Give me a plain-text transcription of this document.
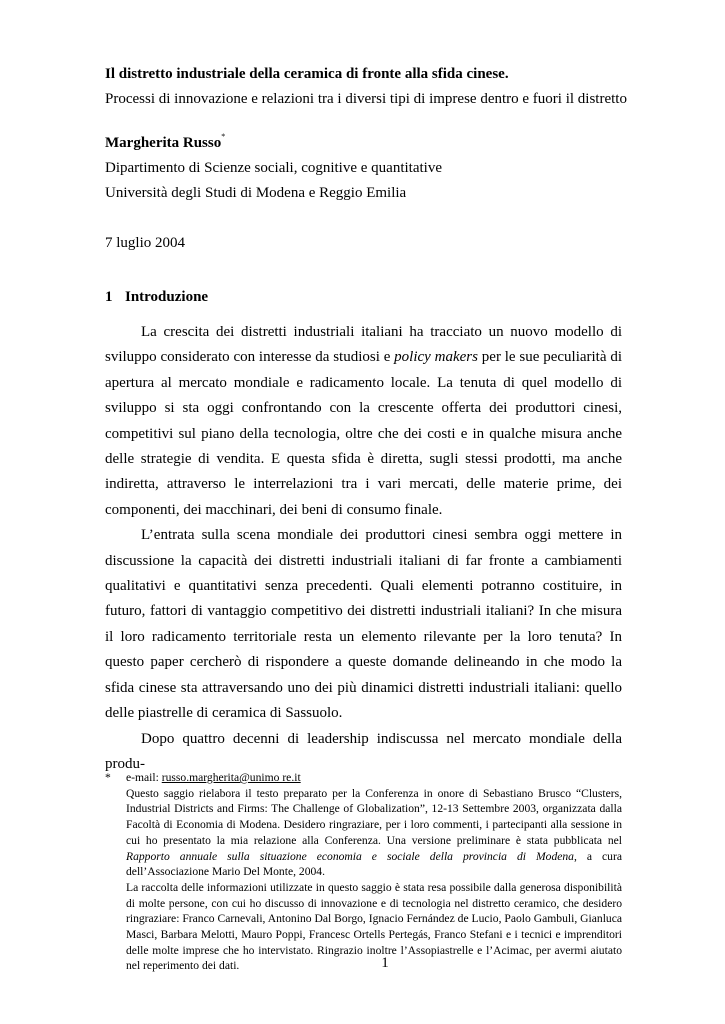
Il distretto industriale della ceramica di fronte alla sfida cinese.
Processi di innovazione e relazioni tra i diversi tipi di imprese dentro e fuori il distretto
Margherita Russo*
Dipartimento di Scienze sociali, cognitive e quantitative
Università degli Studi di Modena e Reggio Emilia
7 luglio 2004
1 Introduzione

La crescita dei distretti industriali italiani ha tracciato un nuovo modello di sviluppo considerato con interesse da studiosi e policy makers per le sue peculiarità di apertura al mercato mondiale e radicamento locale. La tenuta di quel modello di sviluppo si sta oggi confrontando con la crescente offerta dei produttori cinesi, competitivi sul piano della tecnologia, oltre che dei costi e in qualche misura anche delle strategie di vendita. E questa sfida è diretta, sugli stessi prodotti, ma anche indiretta, attraverso le interrelazioni tra i vari mercati, delle materie prime, dei componenti, dei macchinari, dei beni di consumo finale.

L’entrata sulla scena mondiale dei produttori cinesi sembra oggi mettere in discussione la capacità dei distretti industriali italiani di far fronte a cambiamenti qualitativi e quantitativi senza precedenti. Quali elementi potranno costituire, in futuro, fattori di vantaggio competitivo dei distretti industriali italiani? In che misura il loro radicamento territoriale resta un elemento rilevante per la loro tenuta? In questo paper cercherò di rispondere a queste domande delineando in che modo la sfida cinese sta attraversando uno dei più dinamici distretti industriali italiani: quello delle piastrelle di ceramica di Sassuolo.

Dopo quattro decenni di leadership indiscussa nel mercato mondiale della produ-

* e-mail: russo.margherita@unimo re.it

Questo saggio rielabora il testo preparato per la Conferenza in onore di Sebastiano Brusco “Clusters, Industrial Districts and Firms: The Challenge of Globalization”, 12-13 Settembre 2003, organizzata dalla Facoltà di Economia di Modena. Desidero ringraziare, per i loro commenti, i partecipanti alla sessione in cui ho presentato la mia relazione alla Conferenza. Una versione preliminare è stata pubblicata nel Rapporto annuale sulla situazione economia e sociale della provincia di Modena, a cura dell’Associazione Mario Del Monte, 2004.

La raccolta delle informazioni utilizzate in questo saggio è stata resa possibile dalla generosa disponibilità di molte persone, con cui ho discusso di innovazione e di tecnologia nel distretto ceramico, che desidero ringraziare: Franco Carnevali, Antonino Dal Borgo, Ignacio Fernández de Lucio, Paolo Gambuli, Gianluca Masci, Barbara Melotti, Mauro Poppi, Francesc Ortells Pertegás, Franco Stefani e i tecnici e imprenditori delle molte imprese che ho intervistato. Ringrazio inoltre l’Assopiastrelle e l’Acimac, per avermi aiutato nel reperimento dei dati.	1
